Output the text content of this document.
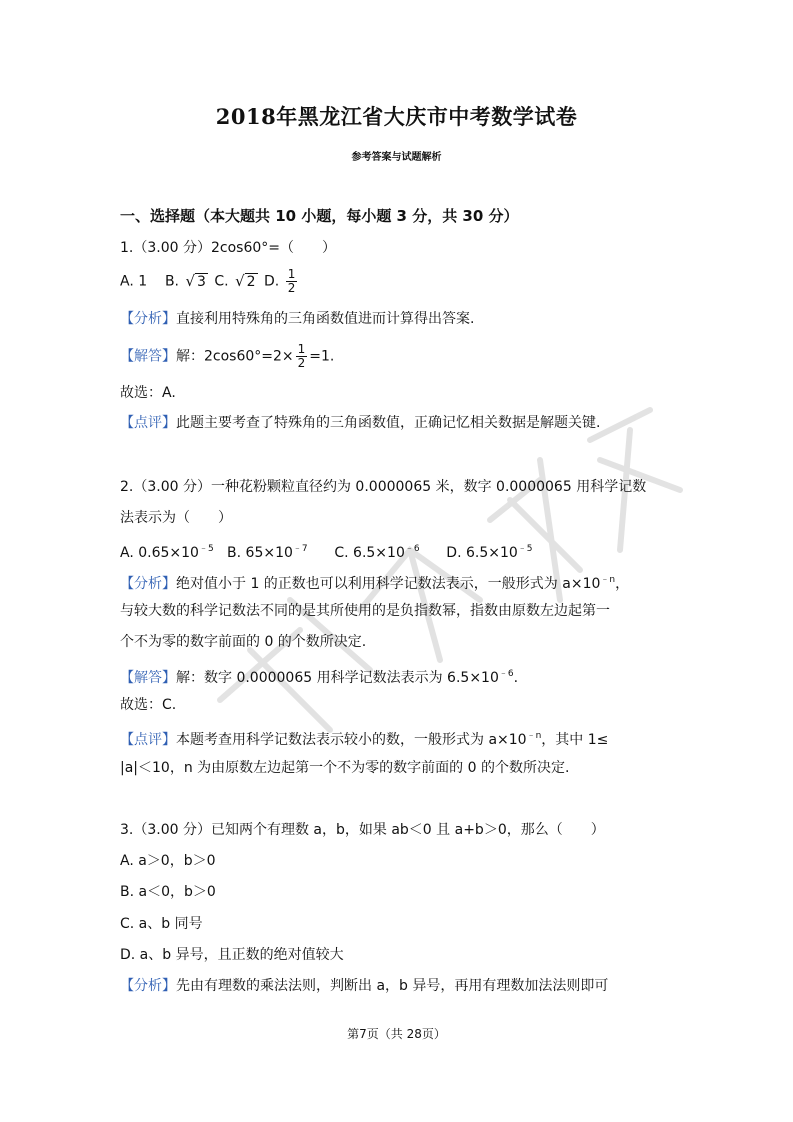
2018年黑龙江省大庆市中考数学试卷
参考答案与试题解析
一、选择题（本大题共 10 小题，每小题 3 分，共 30 分）
1.（3.00 分）2cos60°=（　　）
A. 1 B. √ 3 C. √ 2 D. $\frac{1}{2}$
【分析】直接利用特殊角的三角函数值进而计算得出答案.
【解答】解：$2\cos 60^\circ=2\times \frac{1}{2} =1$.
故选：A.
【点评】此题主要考查了特殊角的三角函数值，正确记忆相关数据是解题关键.
2.（3.00 分）一种花粉颗粒直径约为 0.0000065 米，数字 0.0000065 用科学记数
法表示为（　　）
A. $0.65\times 10^{﹣5}$ B. $65\times 10^{﹣7}$ C. $6.5\times 10^{﹣6}$ D. $6.5\times 10^{﹣5}$
【分析】绝对值小于 1 的正数也可以利用科学记数法表示，一般形式为 $a\times 10^{﹣n}$，
与较大数的科学记数法不同的是其所使用的是负指数幂，指数由原数左边起第一
个不为零的数字前面的 0 的个数所决定.
【解答】解：数字 0.0000065 用科学记数法表示为 $6.5\times 10^{﹣6}$.
故选：C.
【点评】本题考查用科学记数法表示较小的数，一般形式为 $a\times 10^{﹣n}$，其中 1≤
|a|＜10，n 为由原数左边起第一个不为零的数字前面的 0 的个数所决定.
3.（3.00 分）已知两个有理数 a，b，如果 ab＜0 且 a+b＞0，那么（　　）
A. a＞0，b＞0
B. a＜0，b＞0
C. a、b 同号
D. a、b 异号，且正数的绝对值较大
【分析】先由有理数的乘法法则，判断出 a，b 异号，再用有理数加法法则即可
第7页（共 28页）
